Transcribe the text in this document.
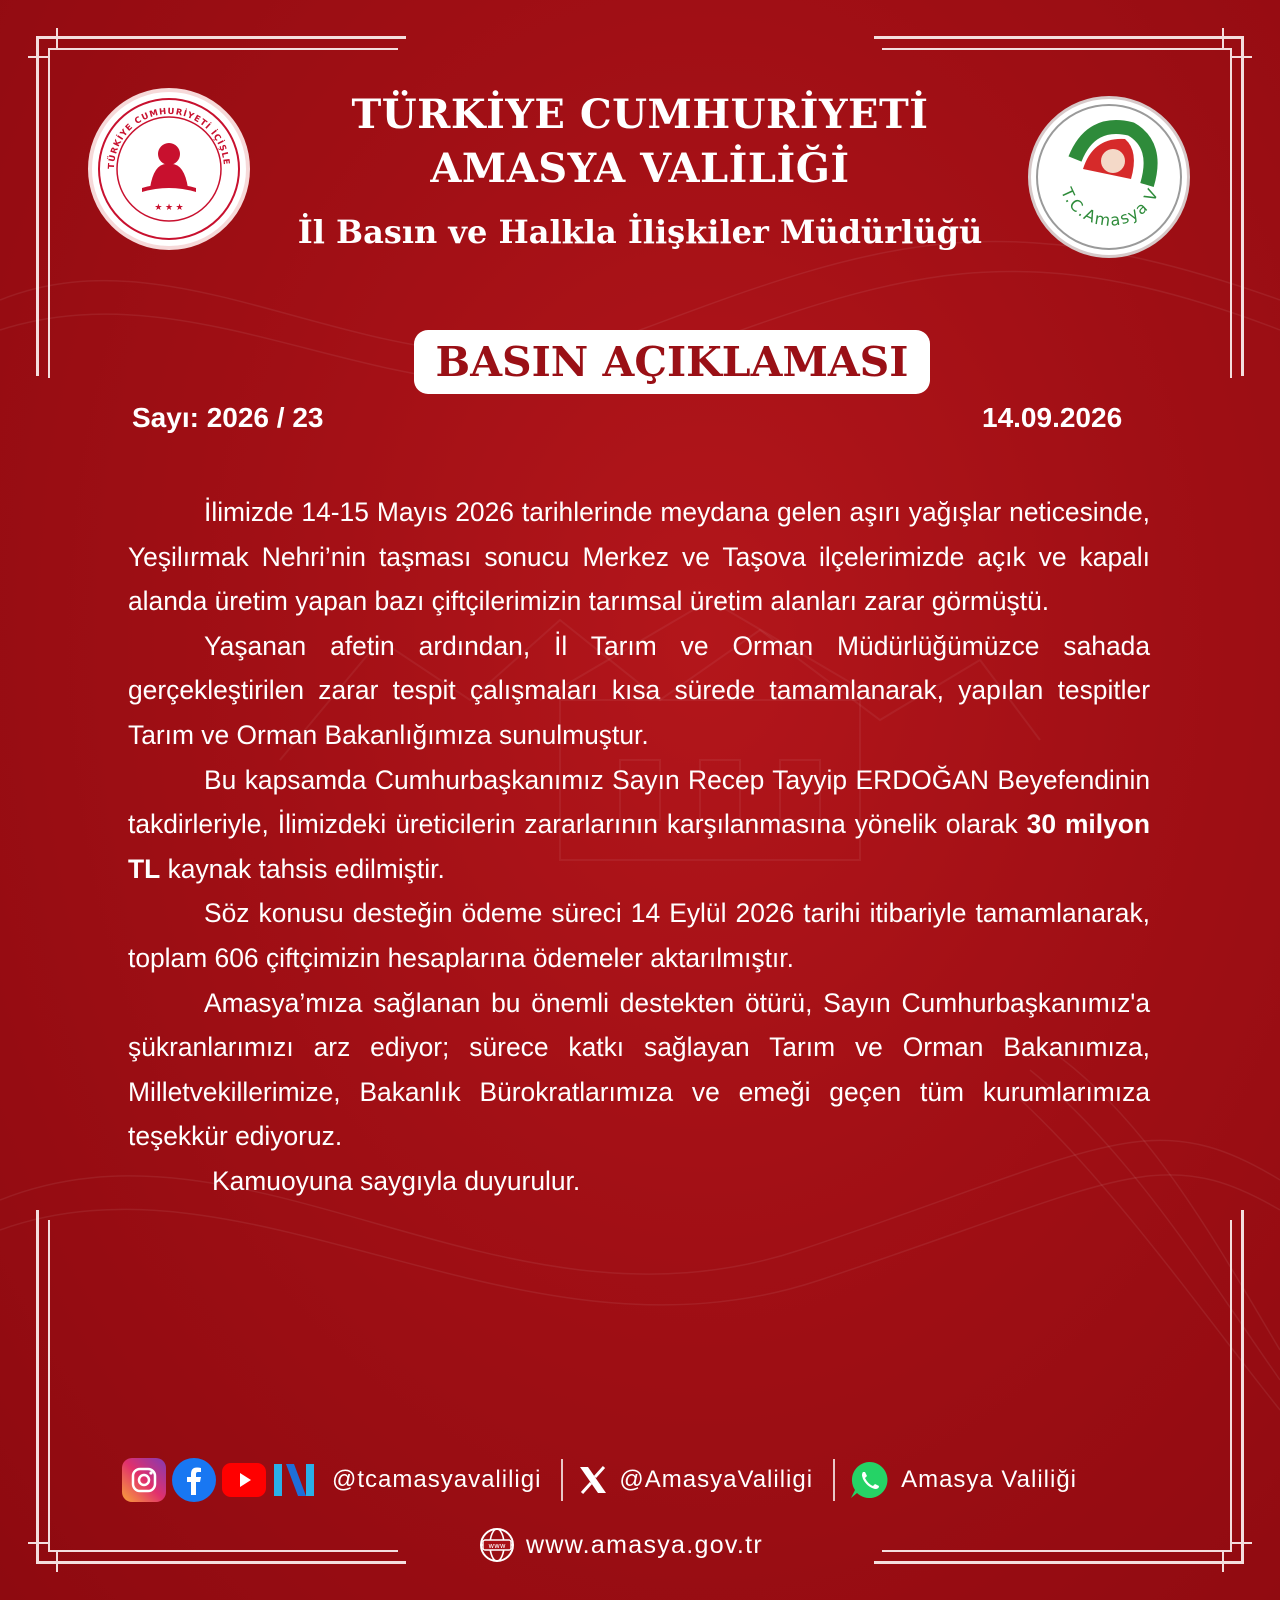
TÜRKİYE CUMHURİYETİ İÇİŞLE
★ ★ ★
TÜRKİYE CUMHURİYETİ
AMASYA VALİLİĞİ
İl Basın ve Halkla İlişkiler Müdürlüğü
T.C.Amasya V
BASIN AÇIKLAMASI
Sayı: 2026 / 23	14.09.2026

İlimizde 14-15 Mayıs 2026 tarihlerinde meydana gelen aşırı yağışlar neticesinde, Yeşilırmak Nehri’nin taşması sonucu Merkez ve Taşova ilçelerimizde açık ve kapalı alanda üretim yapan bazı çiftçilerimizin tarımsal üretim alanları zarar görmüştü.

Yaşanan afetin ardından, İl Tarım ve Orman Müdürlüğümüzce sahada gerçekleştirilen zarar tespit çalışmaları kısa sürede tamamlanarak, yapılan tespitler Tarım ve Orman Bakanlığımıza sunulmuştur.

Bu kapsamda Cumhurbaşkanımız Sayın Recep Tayyip ERDOĞAN Beyefendinin takdirleriyle, İlimizdeki üreticilerin zararlarının karşılanmasına yönelik olarak 30 milyon TL kaynak tahsis edilmiştir.

Söz konusu desteğin ödeme süreci 14 Eylül 2026 tarihi itibariyle tamamlanarak, toplam 606 çiftçimizin hesaplarına ödemeler aktarılmıştır.

Amasya’mıza sağlanan bu önemli destekten ötürü, Sayın Cumhurbaşkanımız'a şükranlarımızı arz ediyor; sürece katkı sağlayan Tarım ve Orman Bakanımıza, Milletvekillerimize, Bakanlık Bürokratlarımıza ve emeği geçen tüm kurumlarımıza teşekkür ediyoruz.

Kamuoyuna saygıyla duyurulur.

@tcamasyavaliligi	@AmasyaValiligi	Amasya Valiliği
www www.amasya.gov.tr
